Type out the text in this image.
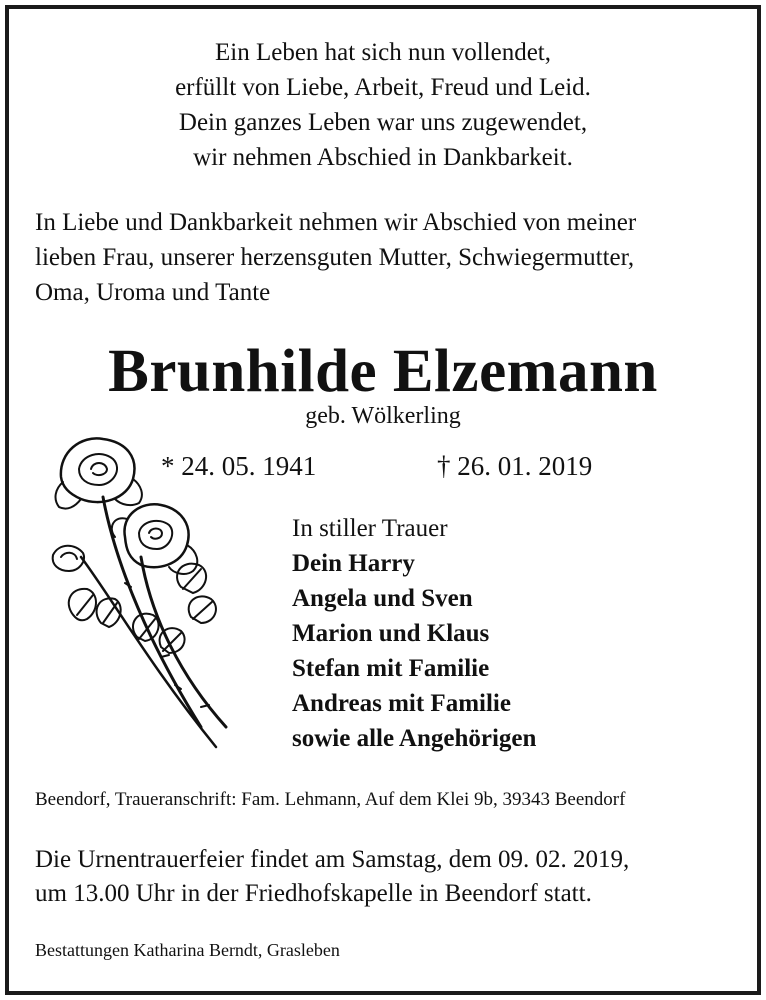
Ein Leben hat sich nun vollendet,
erfüllt von Liebe, Arbeit, Freud und Leid.
Dein ganzes Leben war uns zugewendet,
wir nehmen Abschied in Dankbarkeit.
In Liebe und Dankbarkeit nehmen wir Abschied von meiner
lieben Frau, unserer herzensguten Mutter, Schwiegermutter,
Oma, Uroma und Tante
Brunhilde Elzemann
geb. Wölkerling
* 24. 05. 1941	† 26. 01. 2019
In stiller Trauer
Dein Harry
Angela und Sven
Marion und Klaus
Stefan mit Familie
Andreas mit Familie
sowie alle Angehörigen
Beendorf, Traueranschrift: Fam. Lehmann, Auf dem Klei 9b, 39343 Beendorf
Die Urnentrauerfeier findet am Samstag, dem 09. 02. 2019,
um 13.00 Uhr in der Friedhofskapelle in Beendorf statt.
Bestattungen Katharina Berndt, Grasleben
